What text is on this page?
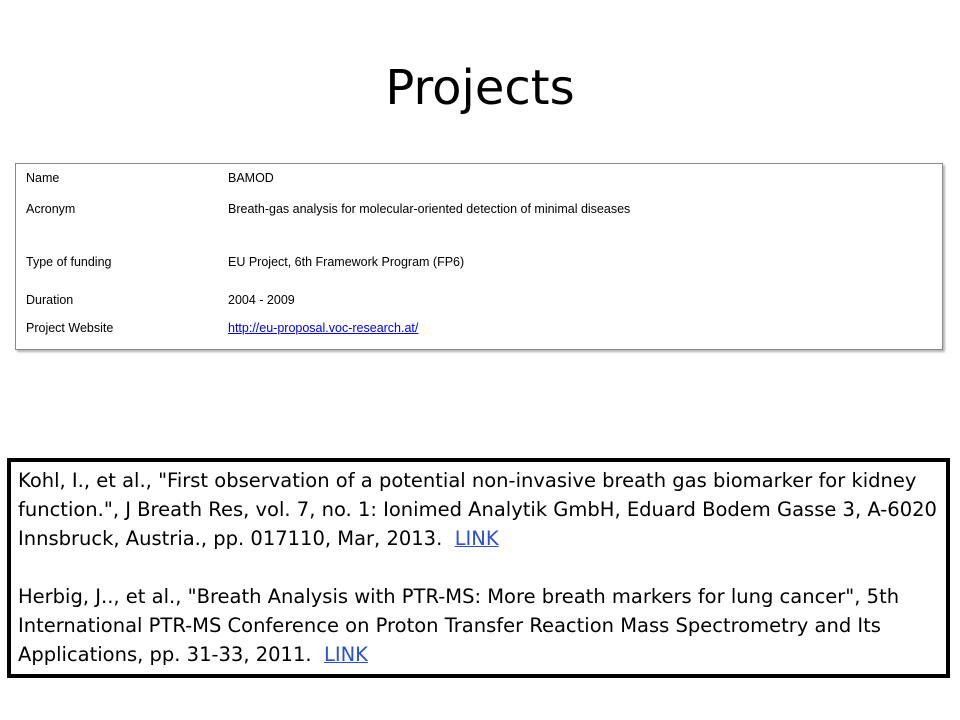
Projects
Name	BAMOD
Acronym	Breath-gas analysis for molecular-oriented detection of minimal diseases
Type of funding	EU Project, 6th Framework Program (FP6)
Duration	2004 - 2009
Project Website	http://eu-proposal.voc-research.at/

Kohl, I., et al., "First observation of a potential non-invasive breath gas biomarker for kidney function.", J Breath Res, vol. 7, no. 1: Ionimed Analytik GmbH, Eduard Bodem Gasse 3, A-6020 Innsbruck, Austria., pp. 017110, Mar, 2013. LINK

Herbig, J.., et al., "Breath Analysis with PTR-MS: More breath markers for lung cancer", 5th International PTR-MS Conference on Proton Transfer Reaction Mass Spectrometry and Its Applications, pp. 31-33, 2011. LINK
